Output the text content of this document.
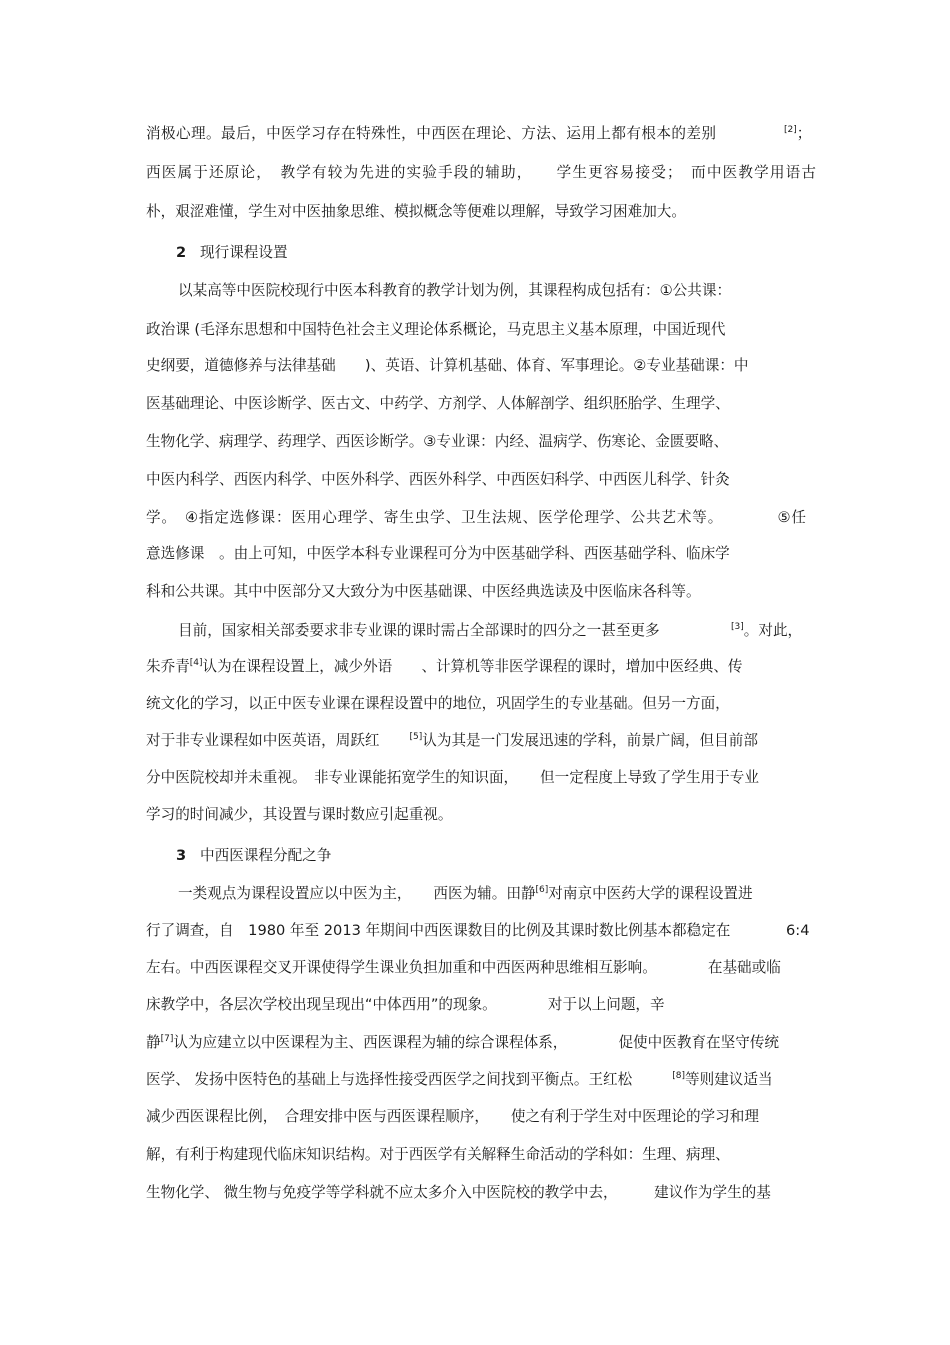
消极心理。最后，中医学习存在特殊性，中西医在理论、方法、运用上都有根本的差别	[2]；
西医属于还原论，　教学有较为先进的实验手段的辅助，　　学生更容易接受；　而中医教学用语古
朴，艰涩难懂，学生对中医抽象思维、模拟概念等便难以理解，导致学习困难加大。
2 现行课程设置
以某高等中医院校现行中医本科教育的教学计划为例，其课程构成包括有：①公共课：
政治课 (毛泽东思想和中国特色社会主义理论体系概论，马克思主义基本原理，中国近现代
史纲要，道德修养与法律基础　　)、英语、计算机基础、体育、军事理论。②专业基础课：中
医基础理论、中医诊断学、医古文、中药学、方剂学、人体解剖学、组织胚胎学、生理学、
生物化学、病理学、药理学、西医诊断学。③专业课：内经、温病学、伤寒论、金匮要略、
中医内科学、西医内科学、中医外科学、西医外科学、中西医妇科学、中西医儿科学、针灸
学。　④指定选修课：医用心理学、寄生虫学、卫生法规、医学伦理学、公共艺术等。　　　　⑤任
意选修课　。由上可知，中医学本科专业课程可分为中医基础学科、西医基础学科、临床学
科和公共课。其中中医部分又大致分为中医基础课、中医经典选读及中医临床各科等。
目前，国家相关部委要求非专业课的课时需占全部课时的四分之一甚至更多	[3]。对此，
朱乔青[4]认为在课程设置上，减少外语　　、计算机等非医学课程的课时，增加中医经典、传
统文化的学习，以正中医专业课在课程设置中的地位，巩固学生的专业基础。但另一方面，
对于非专业课程如中医英语，周跃红	[5]认为其是一门发展迅速的学科，前景广阔，但目前部
分中医院校却并未重视。　非专业课能拓宽学生的知识面，　　但一定程度上导致了学生用于专业
学习的时间减少，其设置与课时数应引起重视。
3 中西医课程分配之争
一类观点为课程设置应以中医为主，　　西医为辅。田静[6]对南京中医药大学的课程设置进
行了调查，自　1980 年至 2013 年期间中西医课数目的比例及其课时数比例基本都稳定在	6:4
左右。中西医课程交叉开课使得学生课业负担加重和中西医两种思维相互影响。　　　　在基础或临
床教学中，各层次学校出现呈现出“中体西用”的现象。　　　　对于以上问题，辛
静[7]认为应建立以中医课程为主、西医课程为辅的综合课程体系，　　　　促使中医教育在坚守传统
医学、 发扬中医特色的基础上与选择性接受西医学之间找到平衡点。王红松	[8]等则建议适当
减少西医课程比例，　合理安排中医与西医课程顺序，　　使之有利于学生对中医理论的学习和理
解，有利于构建现代临床知识结构。对于西医学有关解释生命活动的学科如：生理、病理、
生物化学、 微生物与免疫学等学科就不应太多介入中医院校的教学中去，　　　建议作为学生的基
